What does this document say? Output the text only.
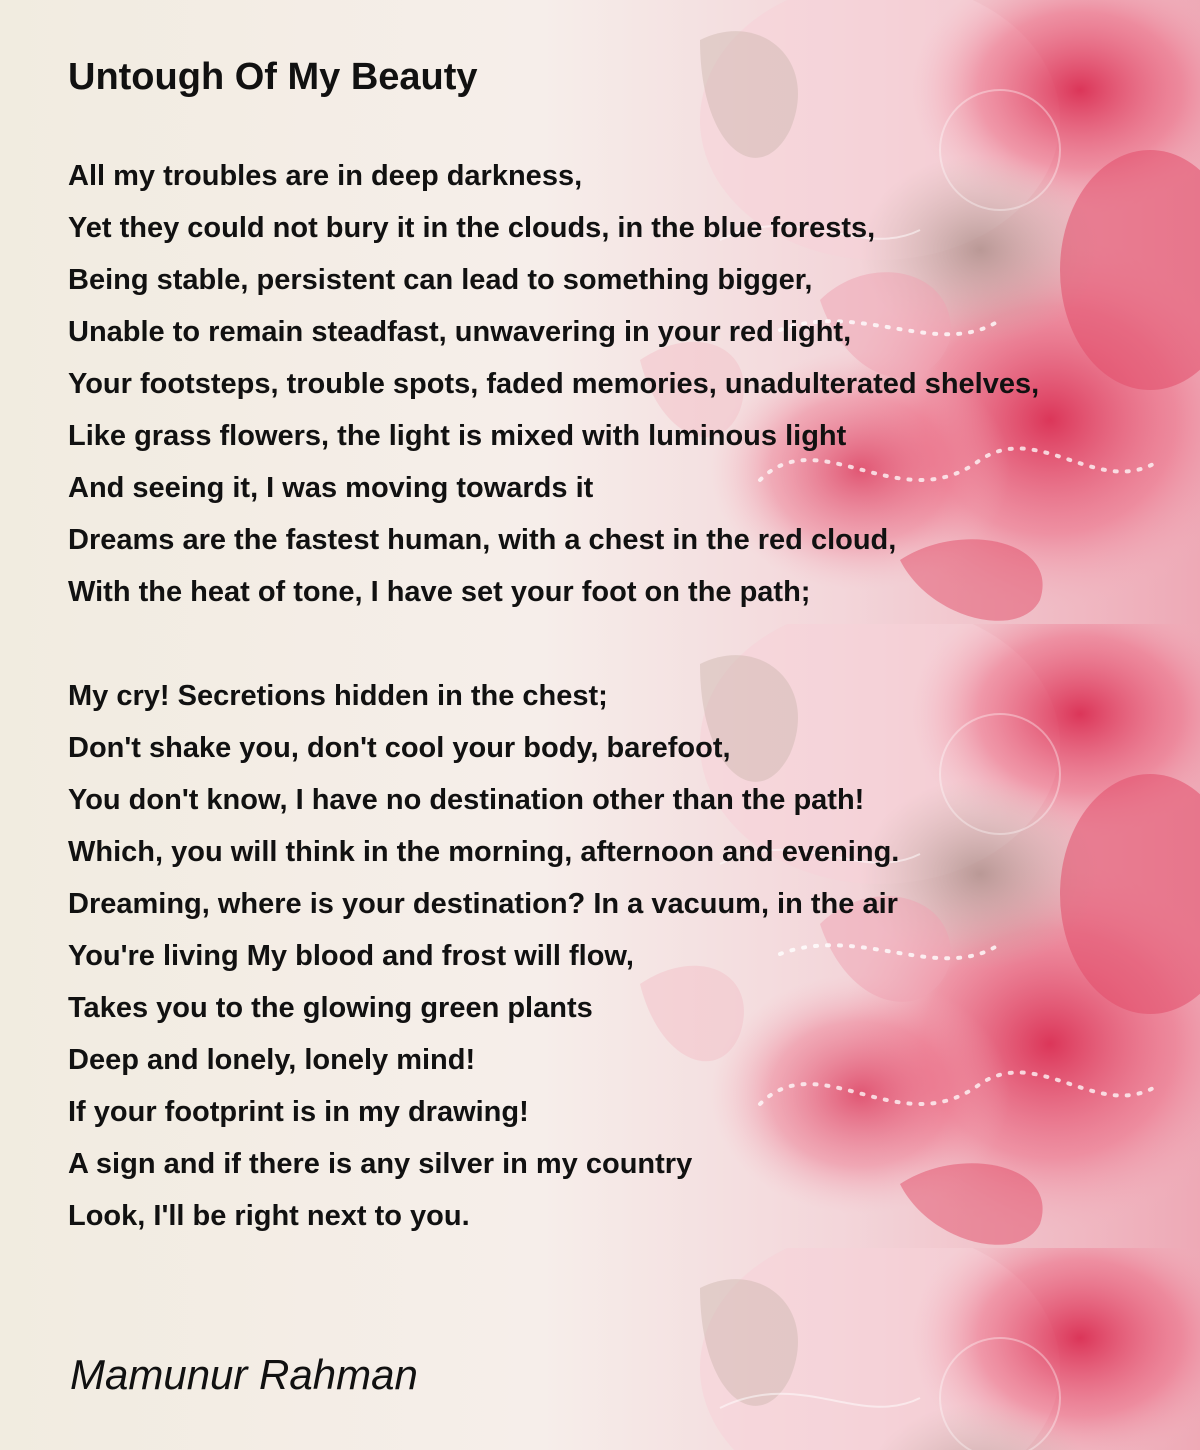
Untough Of My Beauty
All my troubles are in deep darkness,
Yet they could not bury it in the clouds, in the blue forests,
Being stable, persistent can lead to something bigger,
Unable to remain steadfast, unwavering in your red light,
Your footsteps, trouble spots, faded memories, unadulterated shelves,
Like grass flowers, the light is mixed with luminous light
And seeing it, I was moving towards it
Dreams are the fastest human, with a chest in the red cloud,
With the heat of tone, I have set your foot on the path;
My cry! Secretions hidden in the chest;
Don't shake you, don't cool your body, barefoot,
You don't know, I have no destination other than the path!
Which, you will think in the morning, afternoon and evening.
Dreaming, where is your destination? In a vacuum, in the air
You're living My blood and frost will flow,
Takes you to the glowing green plants
Deep and lonely, lonely mind!
If your footprint is in my drawing!
A sign and if there is any silver in my country
Look, I'll be right next to you.

Mamunur Rahman
